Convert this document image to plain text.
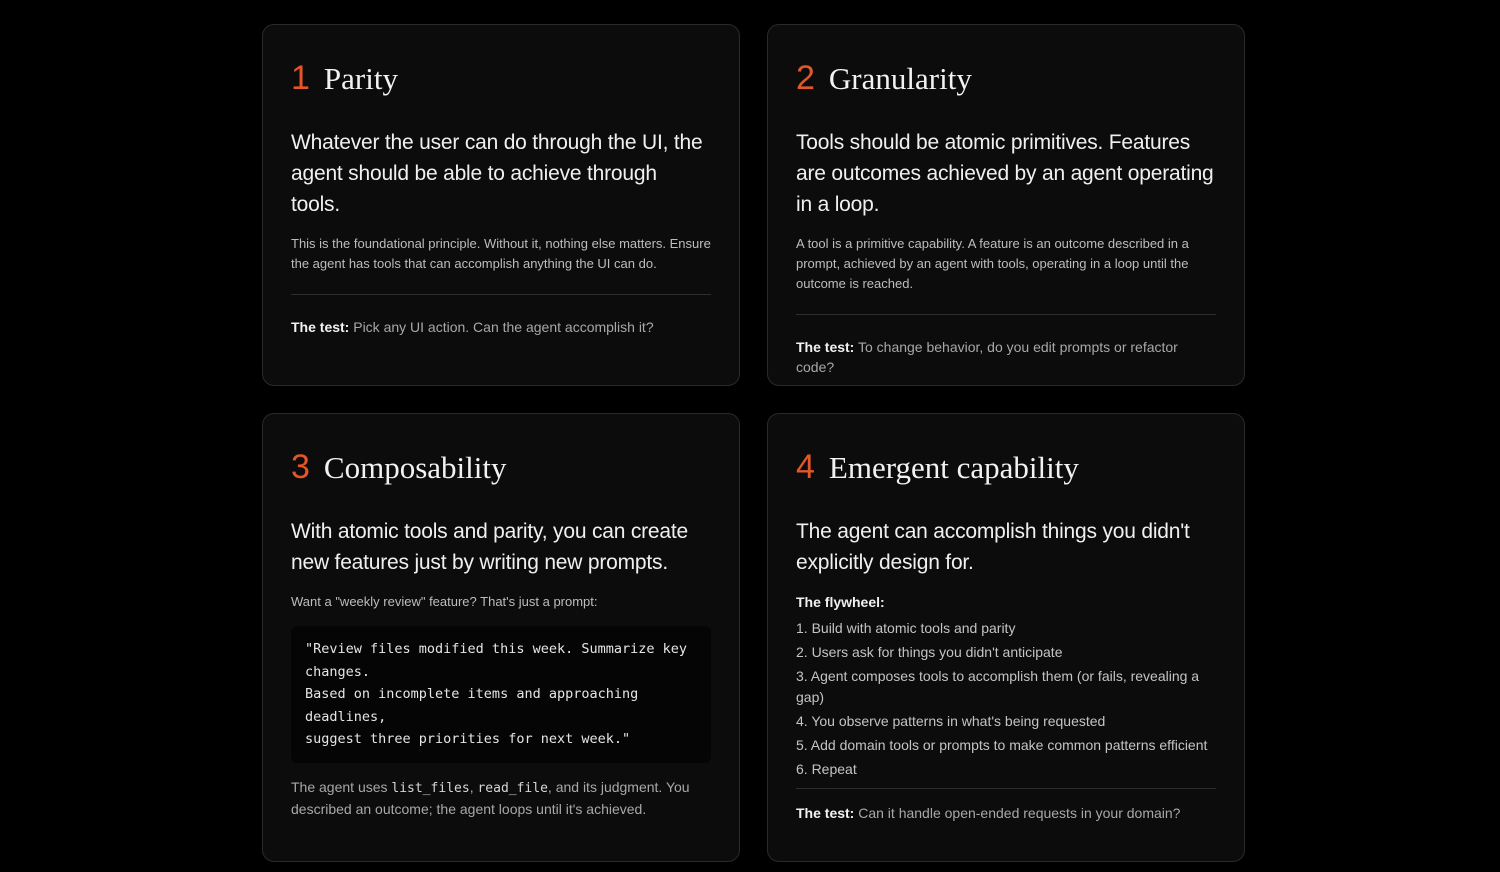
1 Parity
Whatever the user can do through the UI, the agent should be able to achieve through tools.
This is the foundational principle. Without it, nothing else matters. Ensure the agent has tools that can accomplish anything the UI can do.
The test: Pick any UI action. Can the agent accomplish it?
2 Granularity
Tools should be atomic primitives. Features are outcomes achieved by an agent operating in a loop.
A tool is a primitive capability. A feature is an outcome described in a prompt, achieved by an agent with tools, operating in a loop until the outcome is reached.
The test: To change behavior, do you edit prompts or refactor code?
3 Composability
With atomic tools and parity, you can create new features just by writing new prompts.
Want a "weekly review" feature? That's just a prompt:
"Review files modified this week. Summarize key changes.
Based on incomplete items and approaching deadlines,
suggest three priorities for next week."
The agent uses list_files, read_file, and its judgment. You described an outcome; the agent loops until it's achieved.
4 Emergent capability
The agent can accomplish things you didn't explicitly design for.
The flywheel:
1. Build with atomic tools and parity
2. Users ask for things you didn't anticipate
3. Agent composes tools to accomplish them (or fails, revealing a gap)
4. You observe patterns in what's being requested
5. Add domain tools or prompts to make common patterns efficient
6. Repeat
The test: Can it handle open-ended requests in your domain?
